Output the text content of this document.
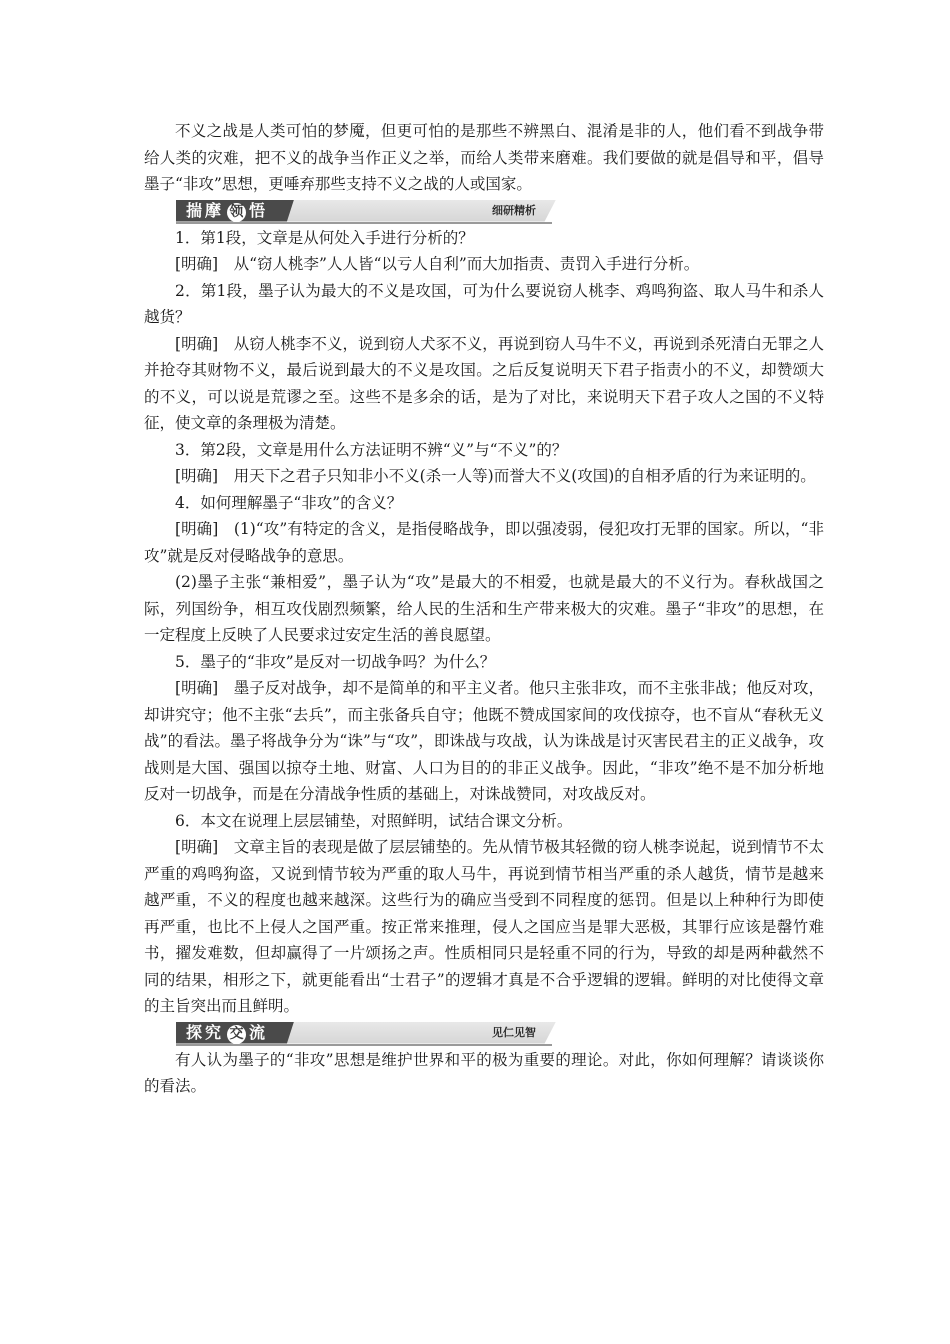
不义之战是人类可怕的梦魇，但更可怕的是那些不辨黑白、混淆是非的人，他们看不到战争带给人类的灾难，把不义的战争当作正义之举，而给人类带来磨难。我们要做的就是倡导和平，倡导墨子“非攻”思想，更唾弃那些支持不义之战的人或国家。

揣摩 领 悟	细研精析

1．第1段，文章是从何处入手进行分析的？

[明确]　从“窃人桃李”人人皆“以亏人自利”而大加指责、责罚入手进行分析。

2．第1段，墨子认为最大的不义是攻国，可为什么要说窃人桃李、鸡鸣狗盗、取人马牛和杀人越货？

[明确]　从窃人桃李不义，说到窃人犬豕不义，再说到窃人马牛不义，再说到杀死清白无罪之人并抢夺其财物不义，最后说到最大的不义是攻国。之后反复说明天下君子指责小的不义，却赞颂大的不义，可以说是荒谬之至。这些不是多余的话，是为了对比，来说明天下君子攻人之国的不义特征，使文章的条理极为清楚。

3．第2段，文章是用什么方法证明不辨“义”与“不义”的？

[明确]　用天下之君子只知非小不义(杀一人等)而誉大不义(攻国)的自相矛盾的行为来证明的。

4．如何理解墨子“非攻”的含义？

[明确]　(1)“攻”有特定的含义，是指侵略战争，即以强凌弱，侵犯攻打无罪的国家。所以，“非攻”就是反对侵略战争的意思。

(2)墨子主张“兼相爱”，墨子认为“攻”是最大的不相爱，也就是最大的不义行为。春秋战国之际，列国纷争，相互攻伐剧烈频繁，给人民的生活和生产带来极大的灾难。墨子“非攻”的思想，在一定程度上反映了人民要求过安定生活的善良愿望。

5．墨子的“非攻”是反对一切战争吗？为什么？

[明确]　墨子反对战争，却不是简单的和平主义者。他只主张非攻，而不主张非战；他反对攻，却讲究守；他不主张“去兵”，而主张备兵自守；他既不赞成国家间的攻伐掠夺，也不盲从“春秋无义战”的看法。墨子将战争分为“诛”与“攻”，即诛战与攻战，认为诛战是讨灭害民君主的正义战争，攻战则是大国、强国以掠夺土地、财富、人口为目的的非正义战争。因此，“非攻”绝不是不加分析地反对一切战争，而是在分清战争性质的基础上，对诛战赞同，对攻战反对。

6．本文在说理上层层铺垫，对照鲜明，试结合课文分析。

[明确]　文章主旨的表现是做了层层铺垫的。先从情节极其轻微的窃人桃李说起，说到情节不太严重的鸡鸣狗盗，又说到情节较为严重的取人马牛，再说到情节相当严重的杀人越货，情节是越来越严重，不义的程度也越来越深。这些行为的确应当受到不同程度的惩罚。但是以上种种行为即使再严重，也比不上侵人之国严重。按正常来推理，侵人之国应当是罪大恶极，其罪行应该是罄竹难书，擢发难数，但却赢得了一片颂扬之声。性质相同只是轻重不同的行为，导致的却是两种截然不同的结果，相形之下，就更能看出“士君子”的逻辑才真是不合乎逻辑的逻辑。鲜明的对比使得文章的主旨突出而且鲜明。

探究 交 流	见仁见智

有人认为墨子的“非攻”思想是维护世界和平的极为重要的理论。对此，你如何理解？请谈谈你的看法。
